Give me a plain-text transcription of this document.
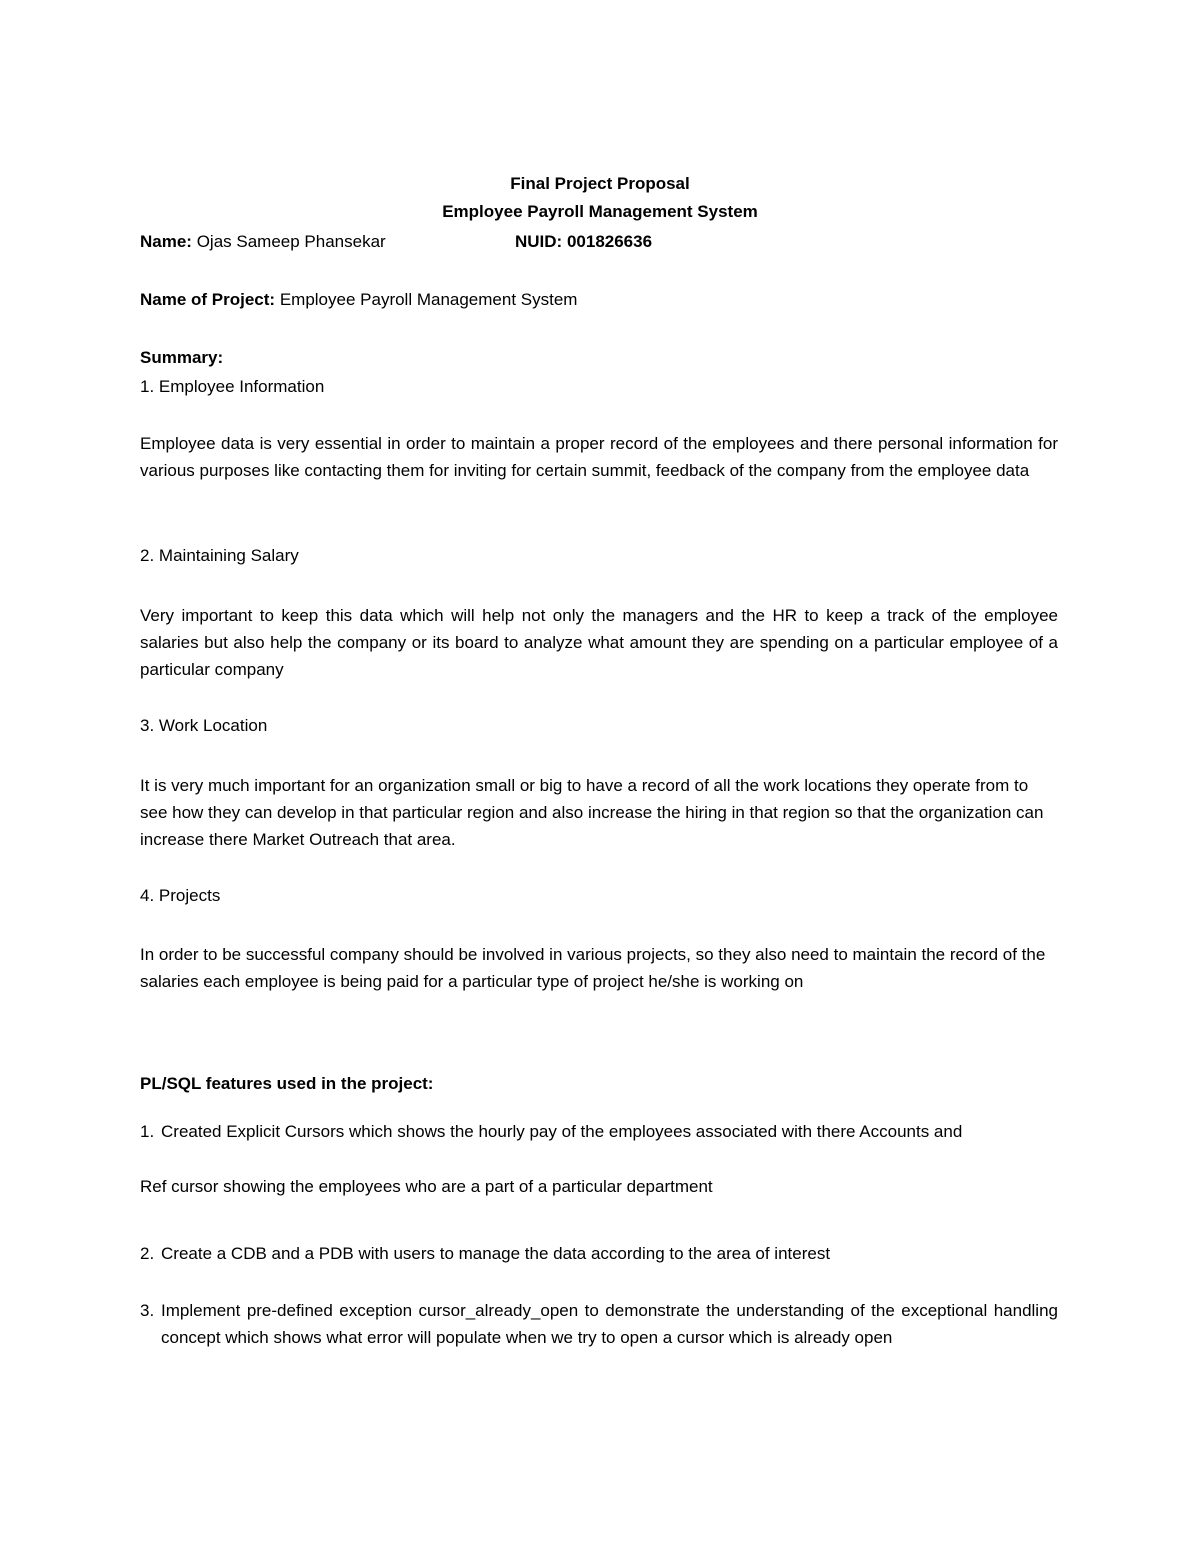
Final Project Proposal
Employee Payroll Management System
Name: Ojas Sameep Phansekar	NUID: 001826636
Name of Project: Employee Payroll Management System
Summary:
1. Employee Information
Employee data is very essential in order to maintain a proper record of the employees and there personal information for various purposes like contacting them for inviting for certain summit, feedback of the company from the employee data
2. Maintaining Salary
Very important to keep this data which will help not only the managers and the HR to keep a track of the employee salaries but also help the company or its board to analyze what amount they are spending on a particular employee of a particular company
3. Work Location
It is very much important for an organization small or big to have a record of all the work locations they operate from to see how they can develop in that particular region and also increase the hiring in that region so that the organization can increase there Market Outreach that area.
4. Projects
In order to be successful company should be involved in various projects, so they also need to maintain the record of the salaries each employee is being paid for a particular type of project he/she is working on
PL/SQL features used in the project:
1. Created Explicit Cursors which shows the hourly pay of the employees associated with there Accounts and
Ref cursor showing the employees who are a part of a particular department
2. Create a CDB and a PDB with users to manage the data according to the area of interest
3. Implement pre-defined exception cursor_already_open to demonstrate the understanding of the exceptional handling concept which shows what error will populate when we try to open a cursor which is already open
